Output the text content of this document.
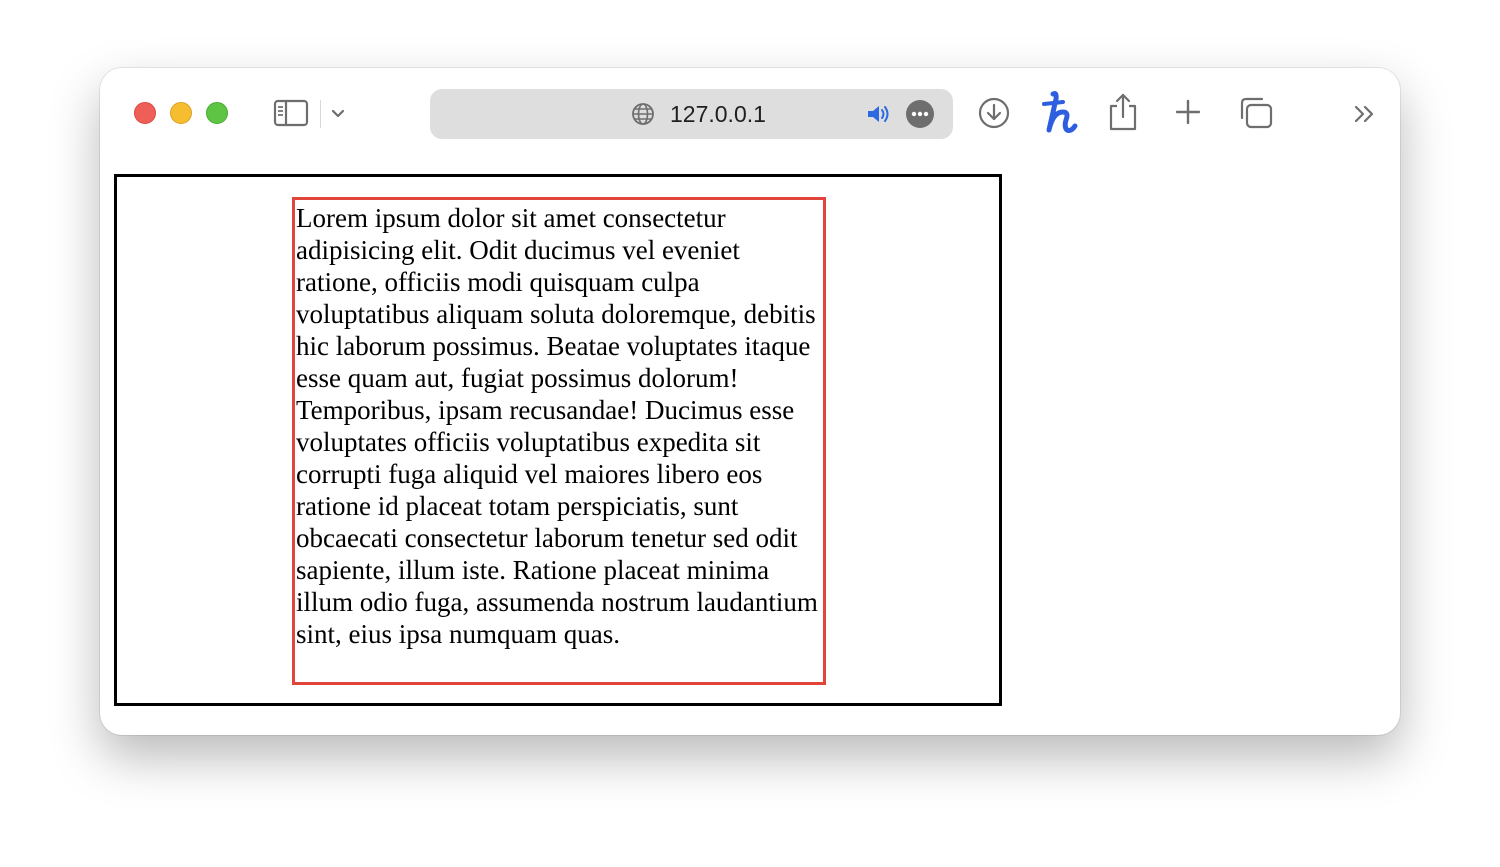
127.0.0.1

Lorem ipsum dolor sit amet consectetur adipisicing elit. Odit ducimus vel eveniet ratione, officiis modi quisquam culpa voluptatibus aliquam soluta doloremque, debitis hic laborum possimus. Beatae voluptates itaque esse quam aut, fugiat possimus dolorum! Temporibus, ipsam recusandae! Ducimus esse voluptates officiis voluptatibus expedita sit corrupti fuga aliquid vel maiores libero eos ratione id placeat totam perspiciatis, sunt obcaecati consectetur laborum tenetur sed odit sapiente, illum iste. Ratione placeat minima illum odio fuga, assumenda nostrum laudantium sint, eius ipsa numquam quas.
